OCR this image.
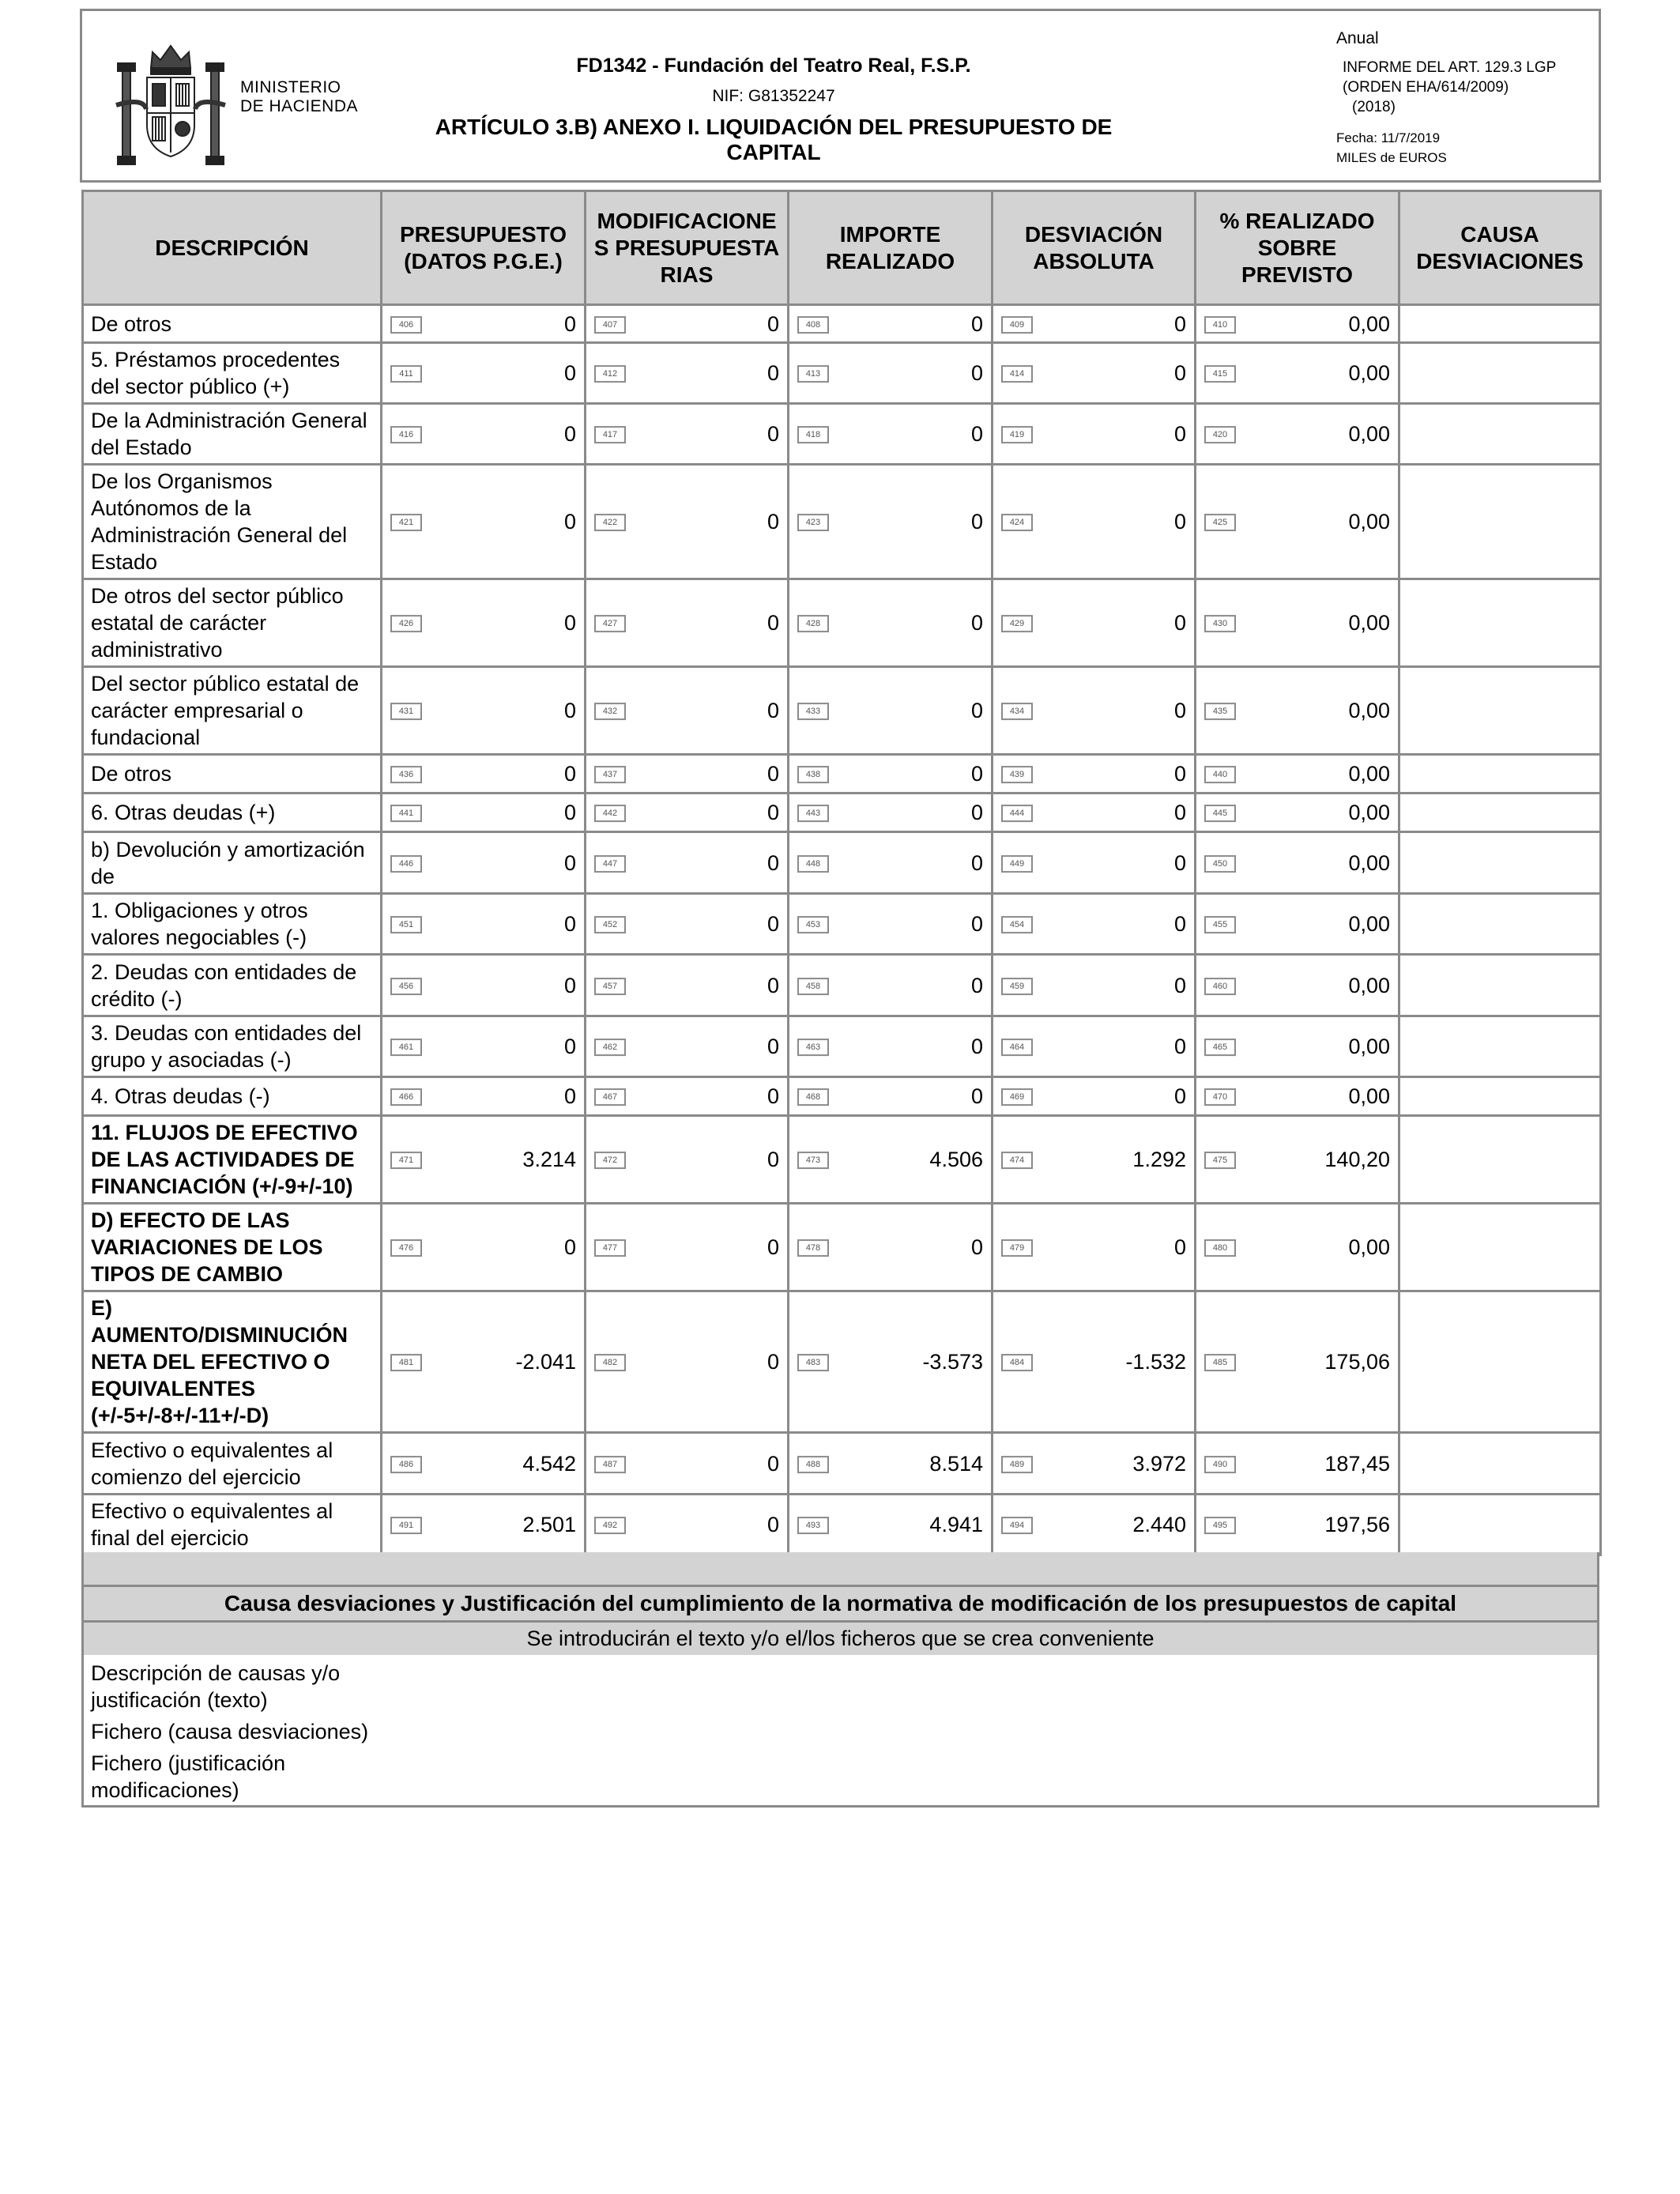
MINISTERIO
DE HACIENDA
FD1342 - Fundación del Teatro Real, F.S.P.
NIF: G81352247
ARTÍCULO 3.B) ANEXO I. LIQUIDACIÓN DEL PRESUPUESTO DE CAPITAL
Anual
INFORME DEL ART. 129.3 LGP
(ORDEN EHA/614/2009)
(2018)
Fecha: 11/7/2019
MILES de EUROS
DESCRIPCIÓN	PRESUPUESTO (DATOS P.G.E.)	MODIFICACIONES PRESUPUESTARIAS	IMPORTE REALIZADO	DESVIACIÓN ABSOLUTA	% REALIZADO SOBRE PREVISTO	CAUSA DESVIACIONES
De otros	406 0	407 0	408 0	409 0	410 0,00	
5. Préstamos procedentes del sector público (+)	411 0	412 0	413 0	414 0	415 0,00	
De la Administración General del Estado	416 0	417 0	418 0	419 0	420 0,00	
De los Organismos Autónomos de la Administración General del Estado	421 0	422 0	423 0	424 0	425 0,00	
De otros del sector público estatal de carácter administrativo	426 0	427 0	428 0	429 0	430 0,00	
Del sector público estatal de carácter empresarial o fundacional	431 0	432 0	433 0	434 0	435 0,00	
De otros	436 0	437 0	438 0	439 0	440 0,00	
6. Otras deudas (+)	441 0	442 0	443 0	444 0	445 0,00	
b) Devolución y amortización de	446 0	447 0	448 0	449 0	450 0,00	
1. Obligaciones y otros valores negociables (-)	451 0	452 0	453 0	454 0	455 0,00	
2. Deudas con entidades de crédito (-)	456 0	457 0	458 0	459 0	460 0,00	
3. Deudas con entidades del grupo y asociadas (-)	461 0	462 0	463 0	464 0	465 0,00	
4. Otras deudas (-)	466 0	467 0	468 0	469 0	470 0,00	
11. FLUJOS DE EFECTIVO DE LAS ACTIVIDADES DE FINANCIACIÓN (+/-9+/-10)	471 3.214	472 0	473 4.506	474 1.292	475 140,20	
D) EFECTO DE LAS VARIACIONES DE LOS TIPOS DE CAMBIO	476 0	477 0	478 0	479 0	480 0,00	
E) AUMENTO/DISMINUCIÓN NETA DEL EFECTIVO O EQUIVALENTES (+/-5+/-8+/-11+/-D)	481 -2.041	482 0	483 -3.573	484 -1.532	485 175,06	
Efectivo o equivalentes al comienzo del ejercicio	486 4.542	487 0	488 8.514	489 3.972	490 187,45	
Efectivo o equivalentes al final del ejercicio	491 2.501	492 0	493 4.941	494 2.440	495 197,56	
Causa desviaciones y Justificación del cumplimiento de la normativa de modificación de los presupuestos de capital
Se introducirán el texto y/o el/los ficheros que se crea conveniente
Descripción de causas y/o justificación (texto)
Fichero (causa desviaciones)
Fichero (justificación modificaciones)
